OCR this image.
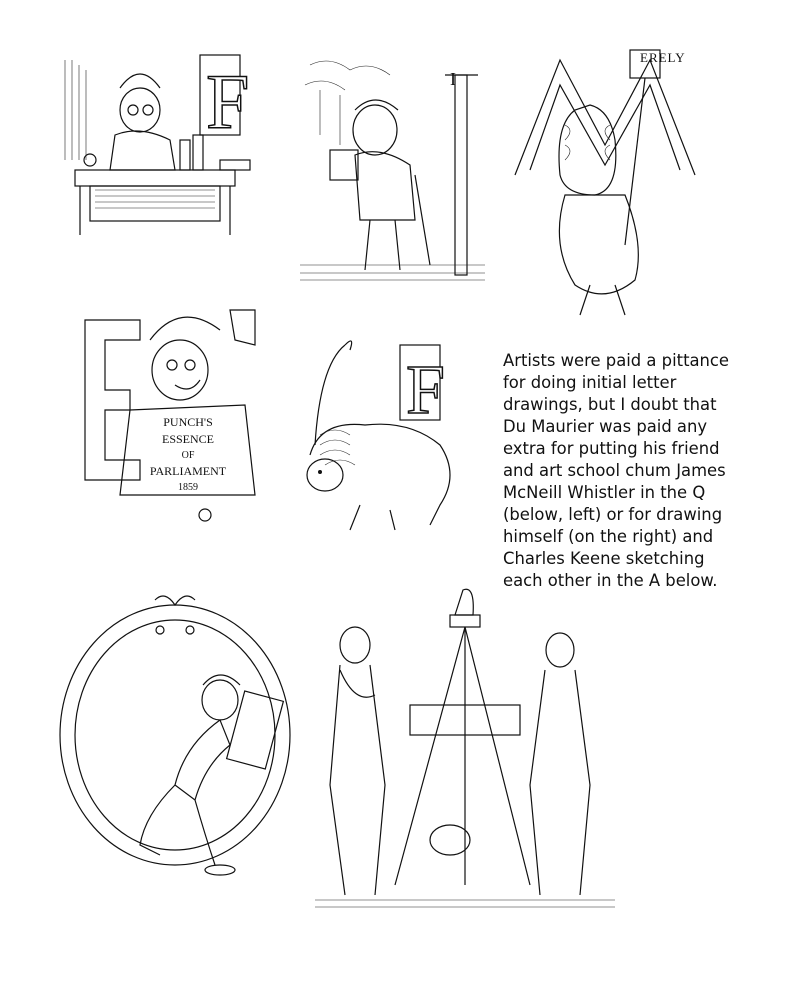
F	I
ERELY
M
E
PUNCH'S
ESSENCE
OF
PARLIAMENT
1859
F
Q	A
Artists were paid a pittance
for doing initial letter
drawings, but I doubt that
Du Maurier was paid any
extra for putting his friend
and art school chum James
McNeill Whistler in the Q
(below, left) or for drawing
himself (on the right) and
Charles Keene sketching
each other in the A below.
